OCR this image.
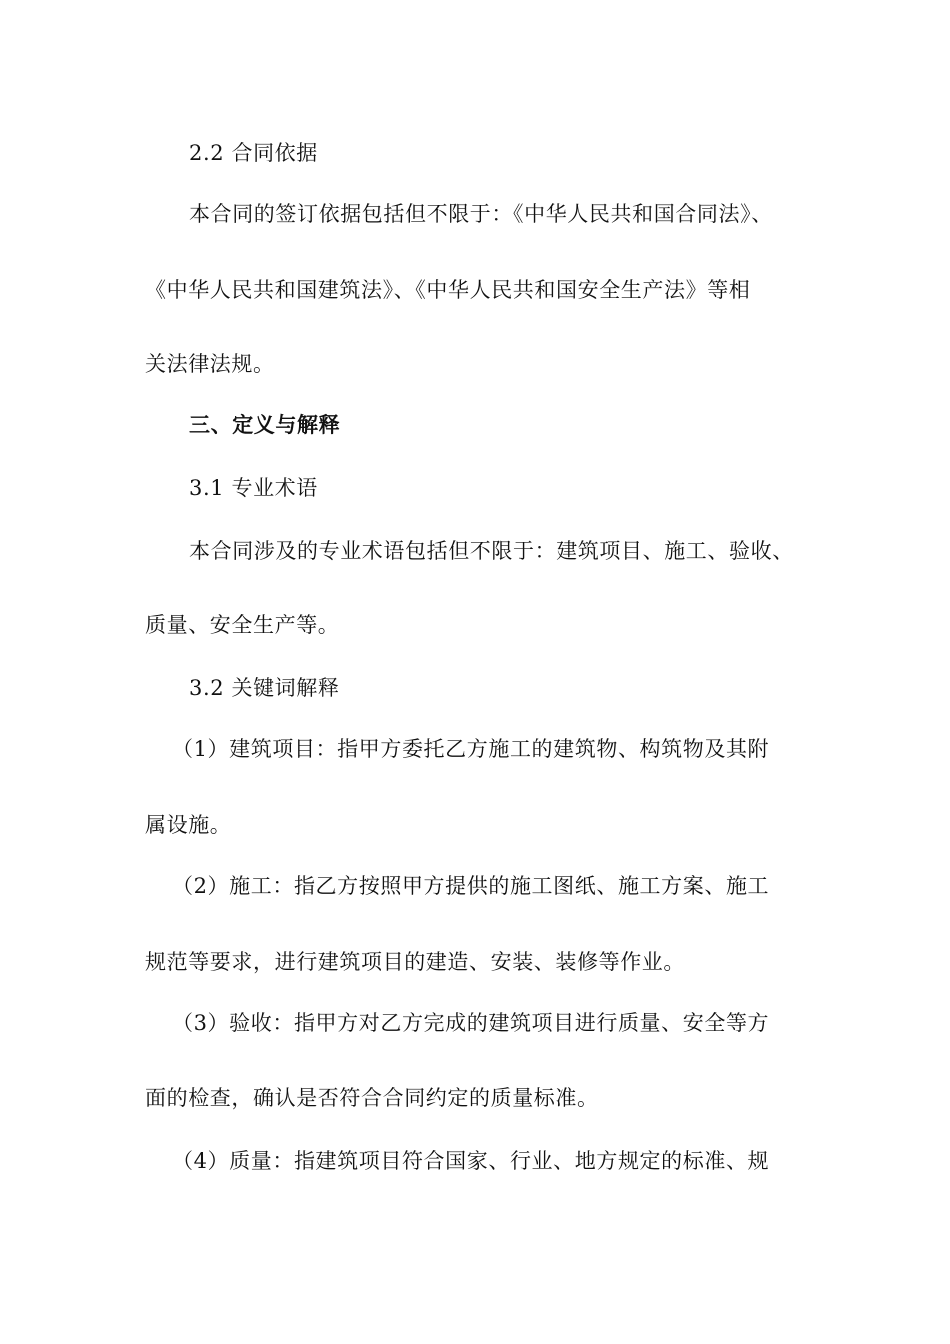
2.2 合同依据
本合同的签订依据包括但不限于：《中华人民共和国合同法》、
《中华人民共和国建筑法》、《中华人民共和国安全生产法》等相
关法律法规。
三、定义与解释
3.1 专业术语
本合同涉及的专业术语包括但不限于：建筑项目、施工、验收、
质量、安全生产等。
3.2 关键词解释
（1）建筑项目：指甲方委托乙方施工的建筑物、构筑物及其附
属设施。
（2）施工：指乙方按照甲方提供的施工图纸、施工方案、施工
规范等要求，进行建筑项目的建造、安装、装修等作业。
（3）验收：指甲方对乙方完成的建筑项目进行质量、安全等方
面的检查，确认是否符合合同约定的质量标准。
（4）质量：指建筑项目符合国家、行业、地方规定的标准、规
